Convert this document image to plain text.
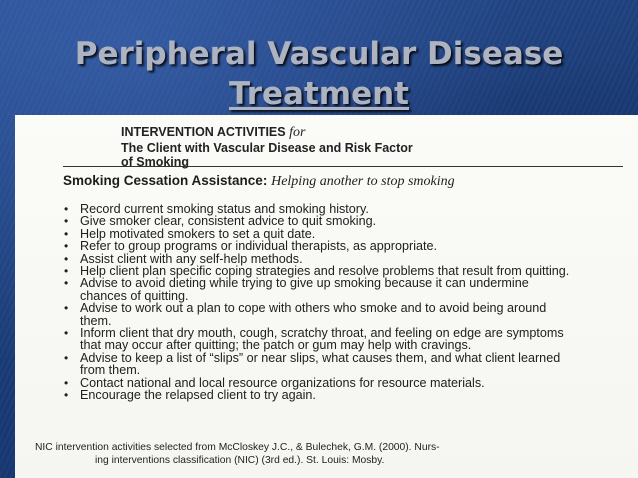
Peripheral Vascular Disease
Treatment
INTERVENTION ACTIVITIES for
The Client with Vascular Disease and Risk Factor
of Smoking
Smoking Cessation Assistance: Helping another to stop smoking
• Record current smoking status and smoking history.
• Give smoker clear, consistent advice to quit smoking.
• Help motivated smokers to set a quit date.
• Refer to group programs or individual therapists, as appropriate.
• Assist client with any self-help methods.
• Help client plan specific coping strategies and resolve problems that result from quitting.
• Advise to avoid dieting while trying to give up smoking because it can undermine chances of quitting.
• Advise to work out a plan to cope with others who smoke and to avoid being around them.
• Inform client that dry mouth, cough, scratchy throat, and feeling on edge are symptoms that may occur after quitting; the patch or gum may help with cravings.
• Advise to keep a list of “slips” or near slips, what causes them, and what client learned from them.
• Contact national and local resource organizations for resource materials.
• Encourage the relapsed client to try again.
NIC intervention activities selected from McCloskey J.C., & Bulechek, G.M. (2000). Nurs-
ing interventions classification (NIC) (3rd ed.). St. Louis: Mosby.
